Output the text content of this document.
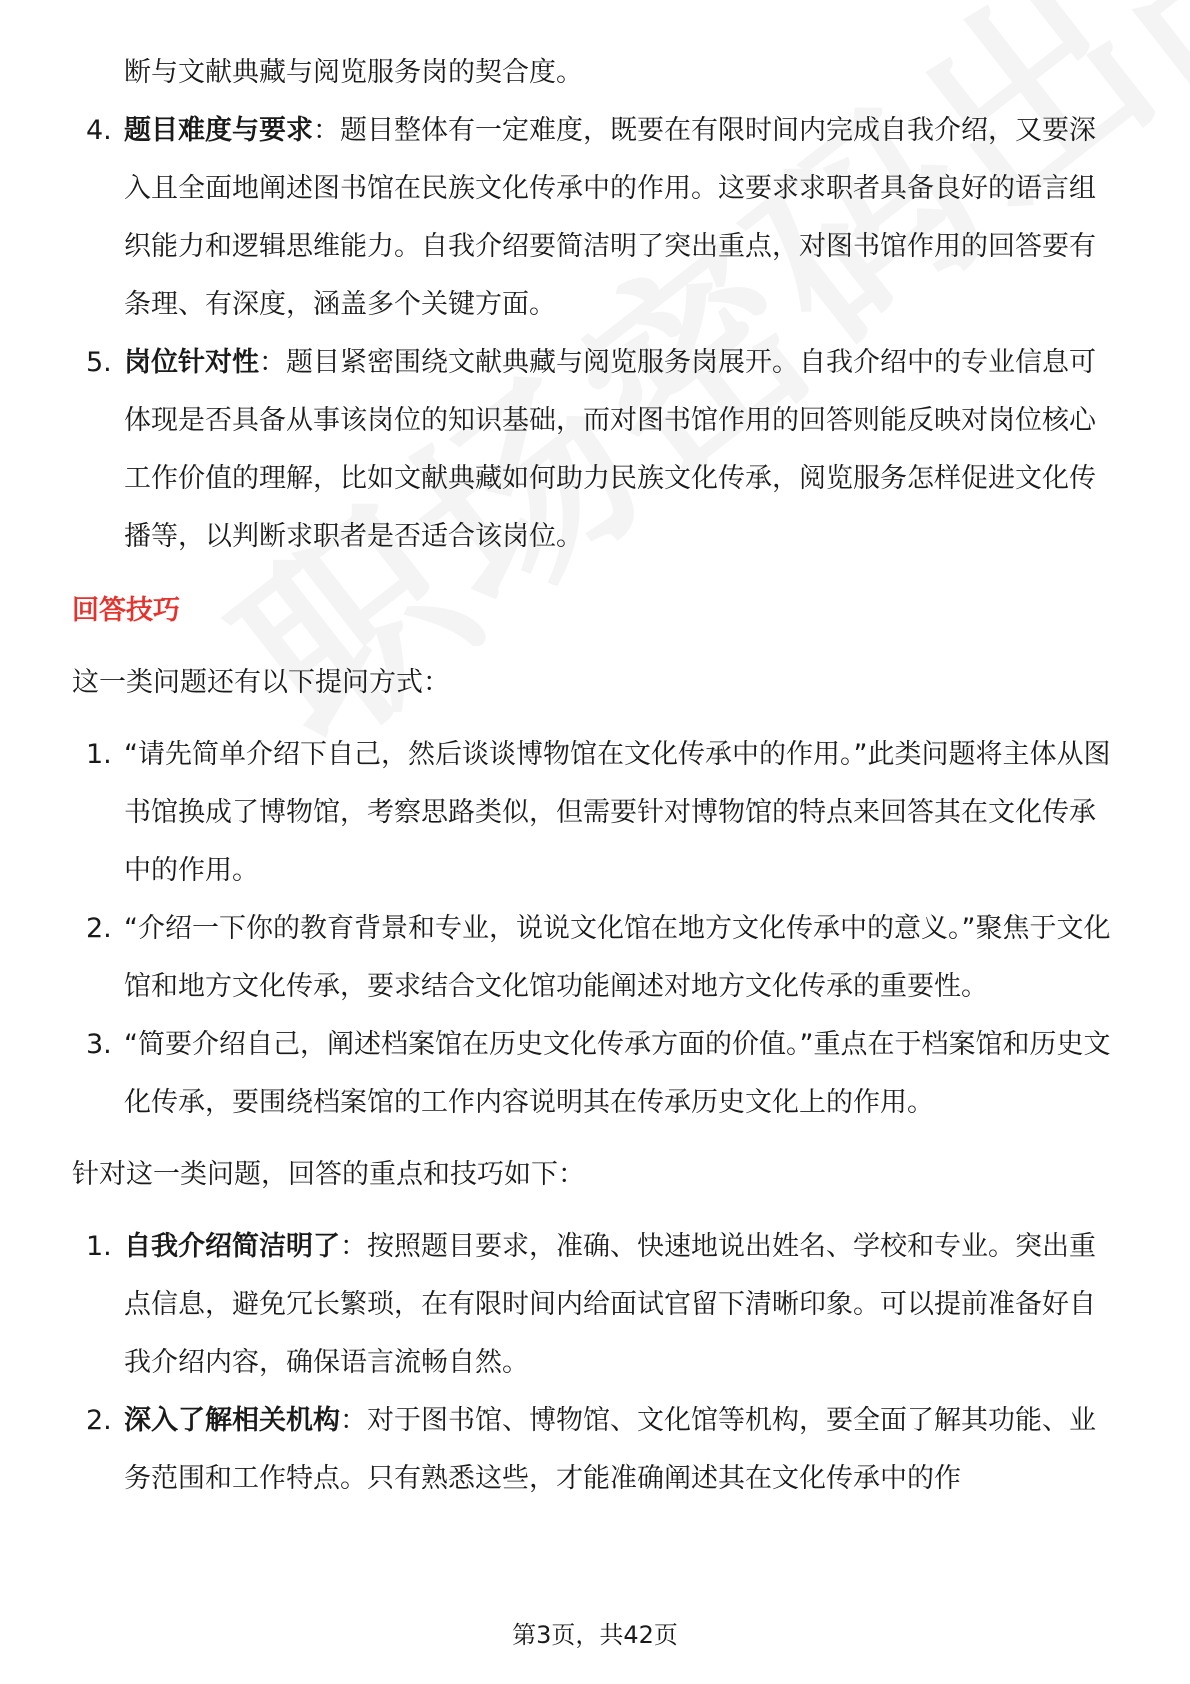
断与文献典藏与阅览服务岗的契合度。
4. 题目难度与要求：题目整体有一定难度，既要在有限时间内完成自我介绍，又要深入且全面地阐述图书馆在民族文化传承中的作用。这要求求职者具备良好的语言组织能力和逻辑思维能力。自我介绍要简洁明了突出重点，对图书馆作用的回答要有条理、有深度，涵盖多个关键方面。
5. 岗位针对性：题目紧密围绕文献典藏与阅览服务岗展开。自我介绍中的专业信息可体现是否具备从事该岗位的知识基础，而对图书馆作用的回答则能反映对岗位核心工作价值的理解，比如文献典藏如何助力民族文化传承，阅览服务怎样促进文化传播等，以判断求职者是否适合该岗位。
回答技巧

这一类问题还有以下提问方式：

1. “请先简单介绍下自己，然后谈谈博物馆在文化传承中的作用。”此类问题将主体从图书馆换成了博物馆，考察思路类似，但需要针对博物馆的特点来回答其在文化传承中的作用。
2. “介绍一下你的教育背景和专业，说说文化馆在地方文化传承中的意义。”聚焦于文化馆和地方文化传承，要求结合文化馆功能阐述对地方文化传承的重要性。
3. “简要介绍自己，阐述档案馆在历史文化传承方面的价值。”重点在于档案馆和历史文化传承，要围绕档案馆的工作内容说明其在传承历史文化上的作用。

针对这一类问题，回答的重点和技巧如下：

1. 自我介绍简洁明了：按照题目要求，准确、快速地说出姓名、学校和专业。突出重点信息，避免冗长繁琐，在有限时间内给面试官留下清晰印象。可以提前准备好自我介绍内容，确保语言流畅自然。
2. 深入了解相关机构：对于图书馆、博物馆、文化馆等机构，要全面了解其功能、业务范围和工作特点。只有熟悉这些，才能准确阐述其在文化传承中的作
第3页，共42页
